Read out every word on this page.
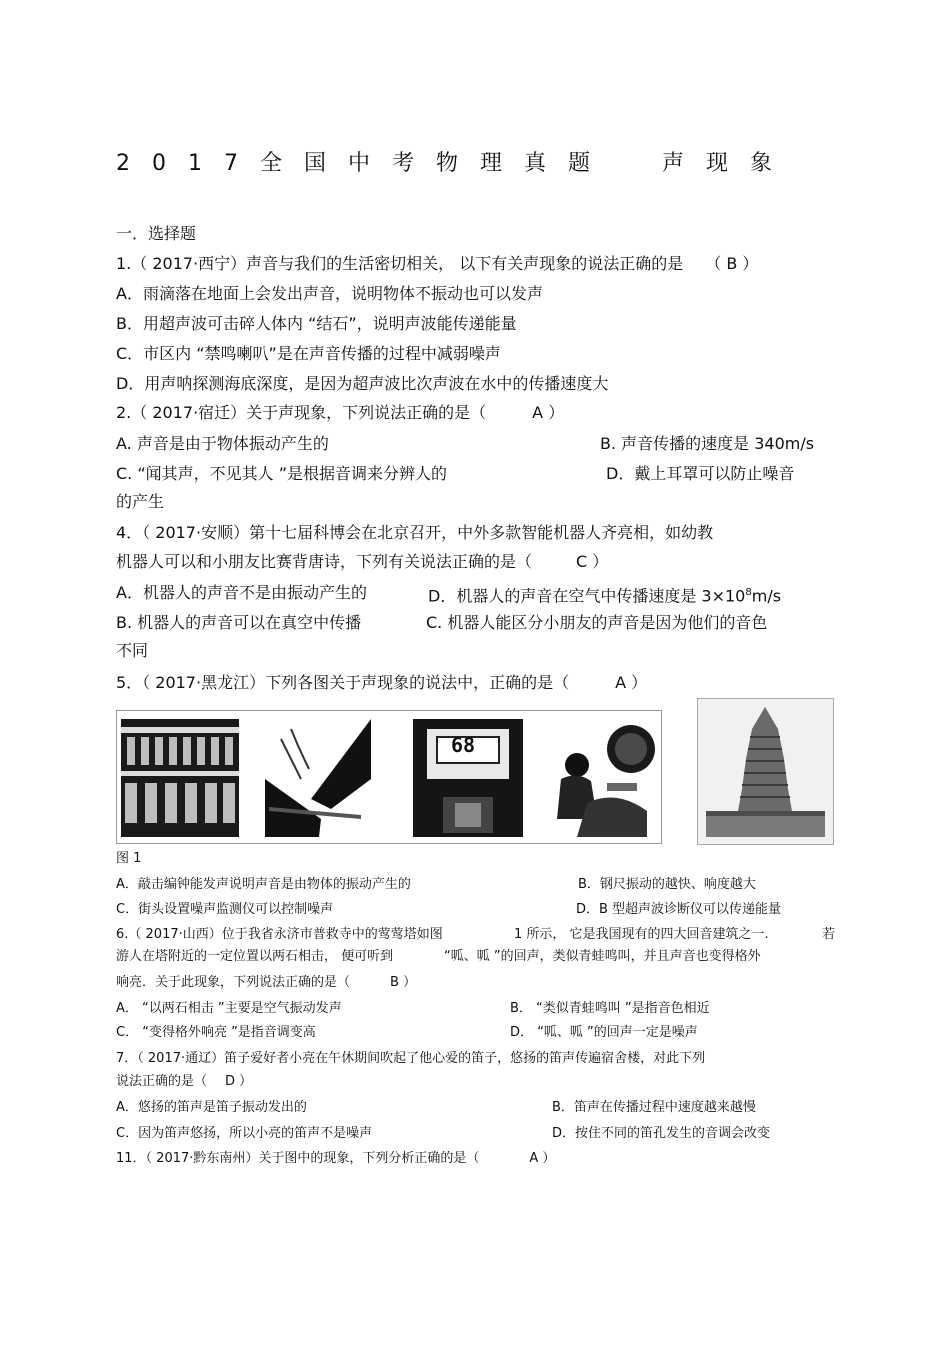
2017全国中考物理真题 声现象
一．选择题
1.（ 2017·西宁）声音与我们的生活密切相关， 以下有关声现象的说法正确的是 （ B ）
A．雨滴落在地面上会发出声音，说明物体不振动也可以发声
B．用超声波可击碎人体内 “结石”，说明声波能传递能量
C．市区内 “禁鸣喇叭”是在声音传播的过程中减弱噪声
D．用声呐探测海底深度，是因为超声波比次声波在水中的传播速度大
2.（ 2017·宿迁）关于声现象，下列说法正确的是（	A ）
A. 声音是由于物体振动产生的	B. 声音传播的速度是 340m/s
C. “闻其声，不见其人 ”是根据音调来分辨人的	D．戴上耳罩可以防止噪音
的产生
4．（ 2017·安顺）第十七届科博会在北京召开，中外多款智能机器人齐亮相，如幼教
机器人可以和小朋友比赛背唐诗，下列有关说法正确的是（	C ）
A．机器人的声音不是由振动产生的	D．机器人的声音在空气中传播速度是 $3\times 10^8m/s$
B. 机器人的声音可以在真空中传播	C. 机器人能区分小朋友的声音是因为他们的音色
不同
5．（ 2017·黑龙江）下列各图关于声现象的说法中，正确的是（	A ）
68
图 1
A．敲击编钟能发声说明声音是由物体的振动产生的	B．钢尺振动的越快、响度越大
C．街头设置噪声监测仪可以控制噪声	D．B 型超声波诊断仪可以传递能量
6.（ 2017·山西）位于我省永济市普救寺中的莺莺塔如图	1 所示， 它是我国现有的四大回音建筑之一.	若
游人在塔附近的一定位置以两石相击， 便可听到	“呱、呱 ”的回声，类似青蛙鸣叫，并且声音也变得格外
响亮．关于此现象，下列说法正确的是（	B ）
A． “以两石相击 ”主要是空气振动发声	B． “类似青蛙鸣叫 ”是指音色相近
C． “变得格外响亮 ”是指音调变高	D． “呱、呱 ”的回声一定是噪声
7．（ 2017·通辽）笛子爱好者小亮在午休期间吹起了他心爱的笛子，悠扬的笛声传遍宿舍楼，对此下列
说法正确的是（ D ）
A．悠扬的笛声是笛子振动发出的	B．笛声在传播过程中速度越来越慢
C．因为笛声悠扬，所以小亮的笛声不是噪声	D．按住不同的笛孔发生的音调会改变
11．（ 2017·黔东南州）关于图中的现象，下列分析正确的是（	A ）
